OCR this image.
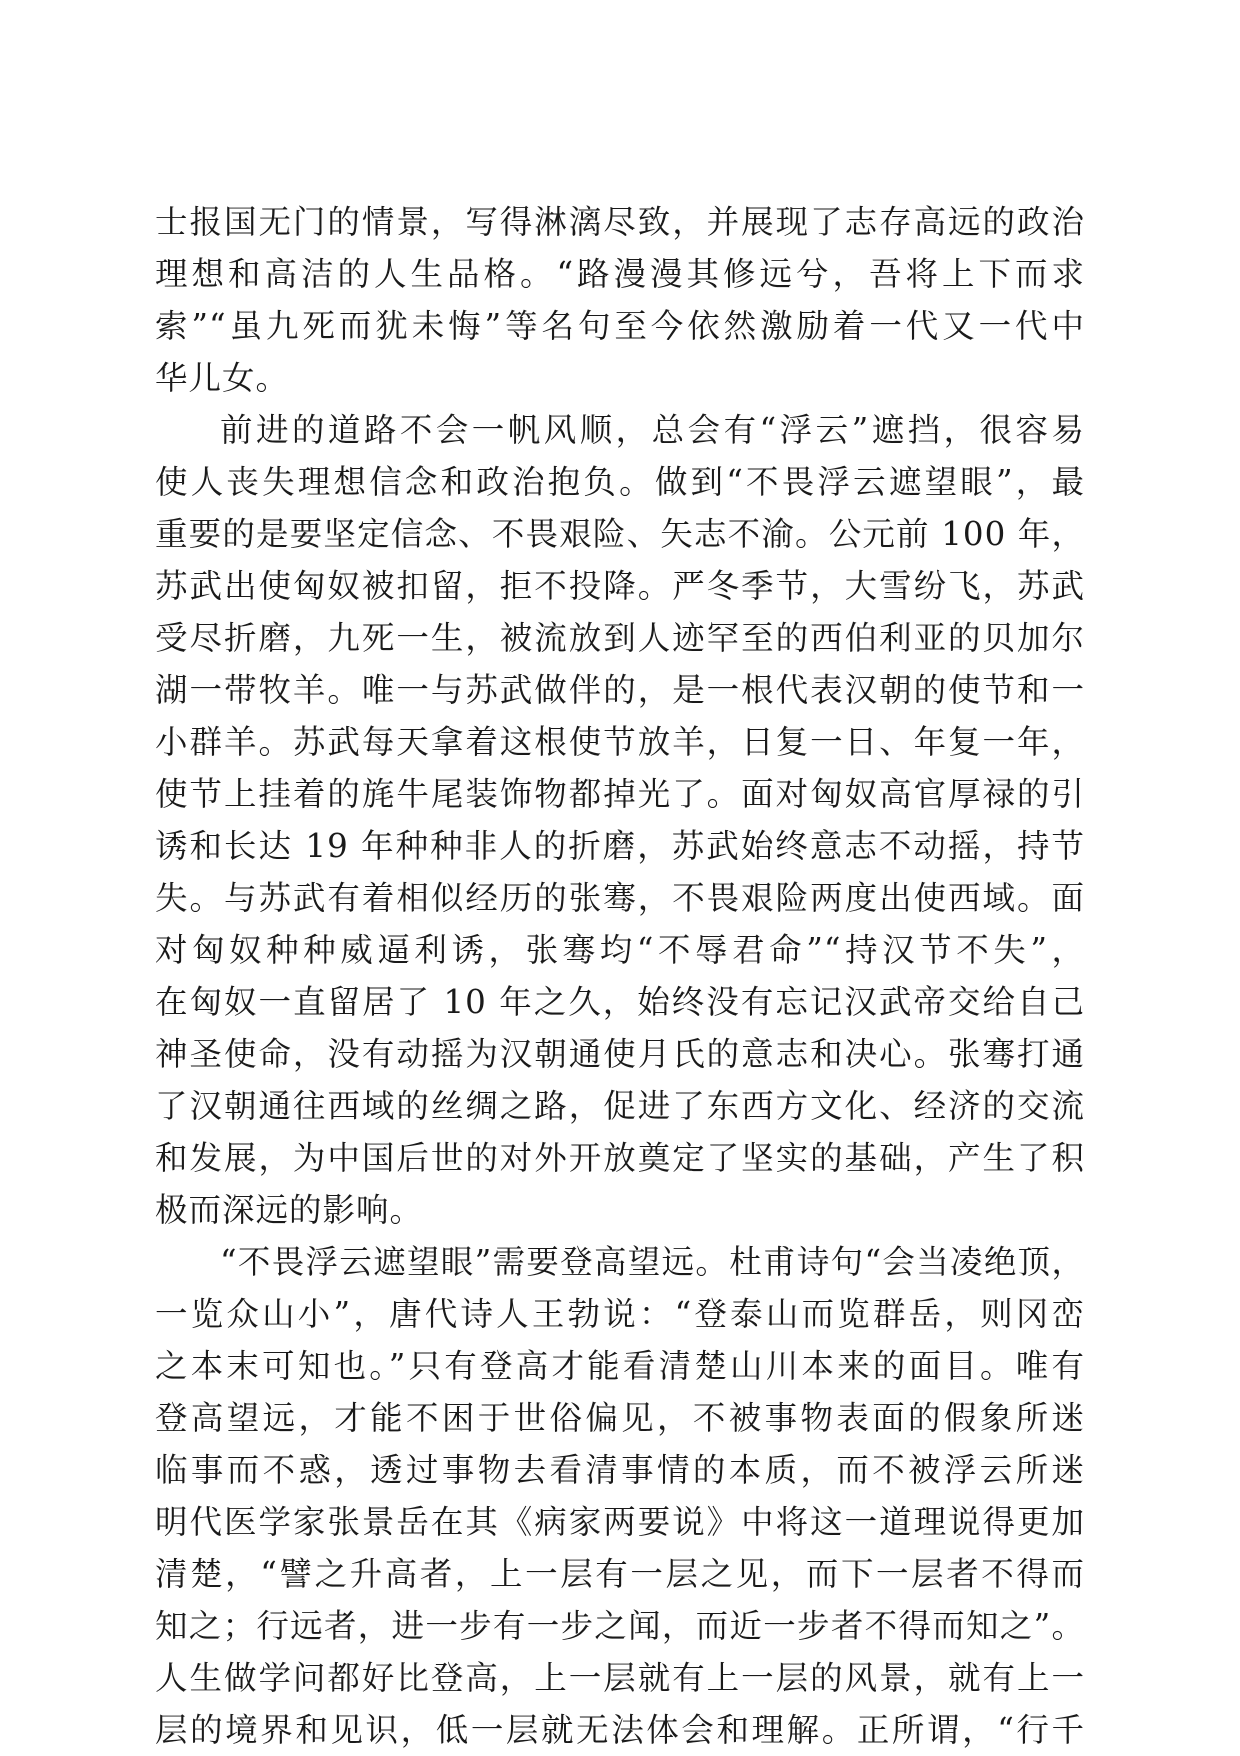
士报国无门的情景，写得淋漓尽致，并展现了志存高远的政治
理想和高洁的人生品格。“路漫漫其修远兮，吾将上下而求
索”“虽九死而犹未悔”等名句至今依然激励着一代又一代中
华儿女。
前进的道路不会一帆风顺，总会有“浮云”遮挡，很容易
使人丧失理想信念和政治抱负。做到“不畏浮云遮望眼”，最
重要的是要坚定信念、不畏艰险、矢志不渝。公元前 100 年，
苏武出使匈奴被扣留，拒不投降。严冬季节，大雪纷飞，苏武
受尽折磨，九死一生，被流放到人迹罕至的西伯利亚的贝加尔
湖一带牧羊。唯一与苏武做伴的，是一根代表汉朝的使节和一
小群羊。苏武每天拿着这根使节放羊，日复一日、年复一年，
使节上挂着的旄牛尾装饰物都掉光了。面对匈奴高官厚禄的引
诱和长达 19 年种种非人的折磨，苏武始终意志不动摇，持节
失。与苏武有着相似经历的张骞，不畏艰险两度出使西域。面
对匈奴种种威逼利诱，张骞均“不辱君命”“持汉节不失”，
在匈奴一直留居了 10 年之久，始终没有忘记汉武帝交给自己
神圣使命，没有动摇为汉朝通使月氏的意志和决心。张骞打通
了汉朝通往西域的丝绸之路，促进了东西方文化、经济的交流
和发展，为中国后世的对外开放奠定了坚实的基础，产生了积
极而深远的影响。
“不畏浮云遮望眼”需要登高望远。杜甫诗句“会当凌绝顶，
一览众山小”，唐代诗人王勃说：“登泰山而览群岳，则冈峦
之本末可知也。”只有登高才能看清楚山川本来的面目。唯有
登高望远，才能不困于世俗偏见，不被事物表面的假象所迷
临事而不惑，透过事物去看清事情的本质，而不被浮云所迷
明代医学家张景岳在其《病家两要说》中将这一道理说得更加
清楚，“譬之升高者，上一层有一层之见，而下一层者不得而
知之；行远者，进一步有一步之闻，而近一步者不得而知之”。
人生做学问都好比登高，上一层就有上一层的风景，就有上一
层的境界和见识，低一层就无法体会和理解。正所谓，“行千
